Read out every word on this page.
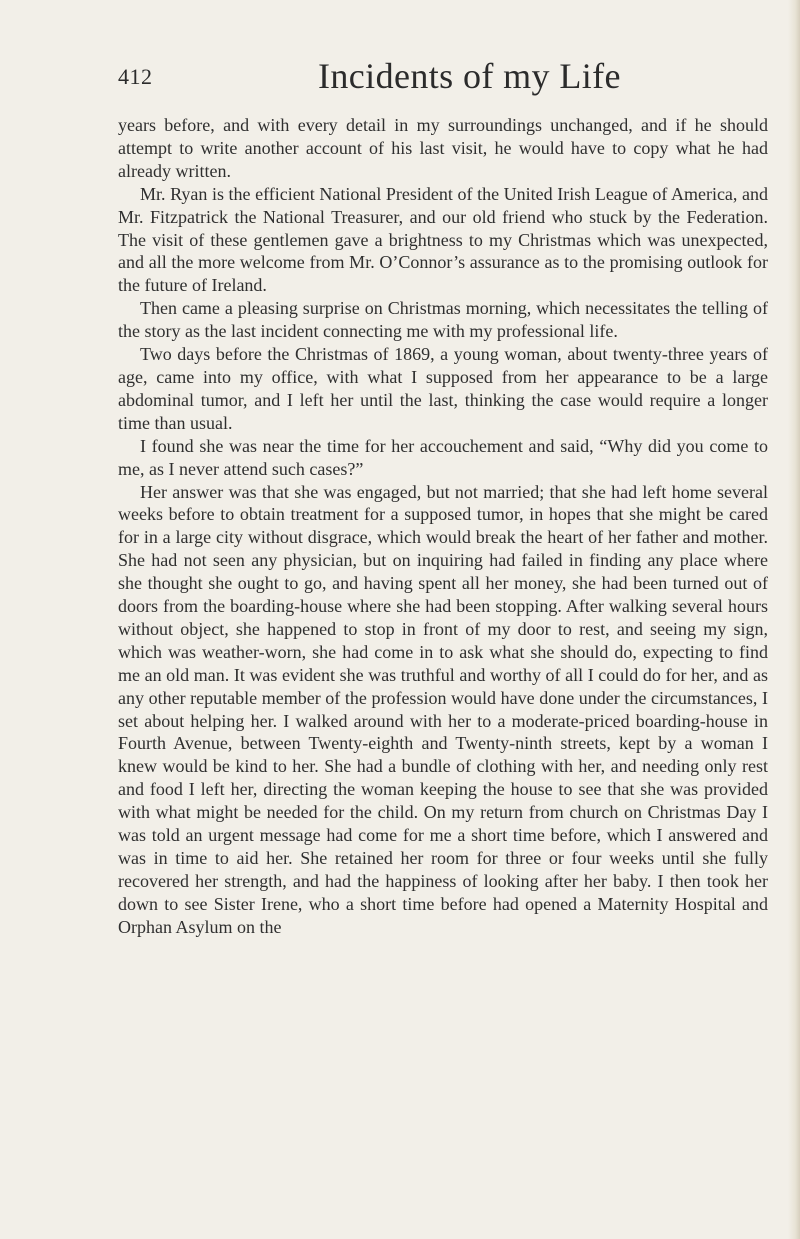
412	Incidents of my Life

years before, and with every detail in my surroundings unchanged, and if he should attempt to write another account of his last visit, he would have to copy what he had already written.

Mr. Ryan is the efficient National President of the United Irish League of America, and Mr. Fitzpatrick the National Treasurer, and our old friend who stuck by the Federation. The visit of these gentlemen gave a brightness to my Christmas which was unexpected, and all the more welcome from Mr. O’Connor’s assurance as to the promising outlook for the future of Ireland.

Then came a pleasing surprise on Christmas morning, which necessitates the telling of the story as the last incident connecting me with my professional life.

Two days before the Christmas of 1869, a young woman, about twenty-three years of age, came into my office, with what I supposed from her appearance to be a large abdominal tumor, and I left her until the last, thinking the case would require a longer time than usual.

I found she was near the time for her accouchement and said, “Why did you come to me, as I never attend such cases?”

Her answer was that she was engaged, but not married; that she had left home several weeks before to obtain treatment for a supposed tumor, in hopes that she might be cared for in a large city without disgrace, which would break the heart of her father and mother. She had not seen any physician, but on inquiring had failed in finding any place where she thought she ought to go, and having spent all her money, she had been turned out of doors from the boarding-house where she had been stopping. After walking several hours without object, she happened to stop in front of my door to rest, and seeing my sign, which was weather-worn, she had come in to ask what she should do, expecting to find me an old man. It was evident she was truthful and worthy of all I could do for her, and as any other reputable member of the profession would have done under the circumstances, I set about helping her. I walked around with her to a moderate-priced boarding-house in Fourth Avenue, between Twenty-eighth and Twenty-ninth streets, kept by a woman I knew would be kind to her. She had a bundle of clothing with her, and needing only rest and food I left her, directing the woman keeping the house to see that she was provided with what might be needed for the child. On my return from church on Christmas Day I was told an urgent message had come for me a short time before, which I answered and was in time to aid her. She retained her room for three or four weeks until she fully recovered her strength, and had the happiness of looking after her baby. I then took her down to see Sister Irene, who a short time before had opened a Maternity Hospital and Orphan Asylum on the
